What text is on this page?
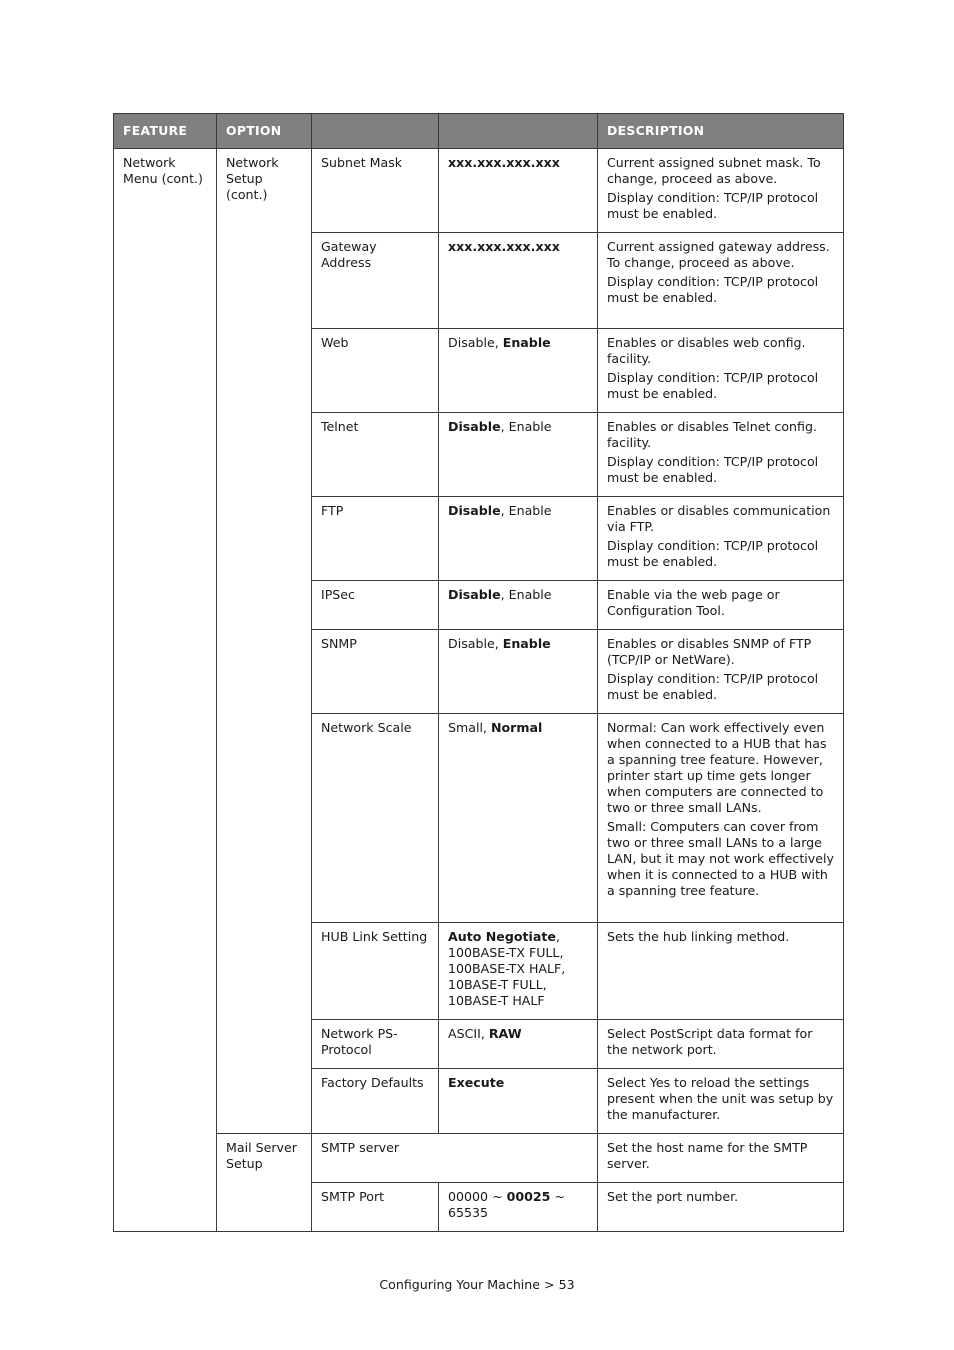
FEATURE	OPTION			DESCRIPTION
Network Menu (cont.)	Network Setup (cont.)	Subnet Mask	xxx.xxx.xxx.xxx	Current assigned subnet mask. To change, proceed as above.

Display condition: TCP/IP protocol must be enabled.

		Gateway Address	xxx.xxx.xxx.xxx	Current assigned gateway address. To change, proceed as above.

Display condition: TCP/IP protocol must be enabled.

		Web	Disable, Enable	Enables or disables web config. facility.

Display condition: TCP/IP protocol must be enabled.

		Telnet	Disable, Enable	Enables or disables Telnet config. facility.

Display condition: TCP/IP protocol must be enabled.

		FTP	Disable, Enable	Enables or disables communication via FTP.

Display condition: TCP/IP protocol must be enabled.

		IPSec	Disable, Enable	Enable via the web page or Configuration Tool.

		SNMP	Disable, Enable	Enables or disables SNMP of FTP (TCP/IP or NetWare).

Display condition: TCP/IP protocol must be enabled.

		Network Scale	Small, Normal	Normal: Can work effectively even when connected to a HUB that has a spanning tree feature. However, printer start up time gets longer when computers are connected to two or three small LANs.

Small: Computers can cover from two or three small LANs to a large LAN, but it may not work effectively when it is connected to a HUB with a spanning tree feature.

		HUB Link Setting	Auto Negotiate, 100BASE-TX FULL, 100BASE-TX HALF, 10BASE-T FULL, 10BASE-T HALF	Sets the hub linking method.

		Network PS-Protocol	ASCII, RAW	Select PostScript data format for the network port.

		Factory Defaults	Execute	Select Yes to reload the settings present when the unit was setup by the manufacturer.

	Mail Server Setup	SMTP server		Set the host name for the SMTP server.

		SMTP Port	00000 ~ 00025 ~ 65535	Set the port number.

Configuring Your Machine > 53
